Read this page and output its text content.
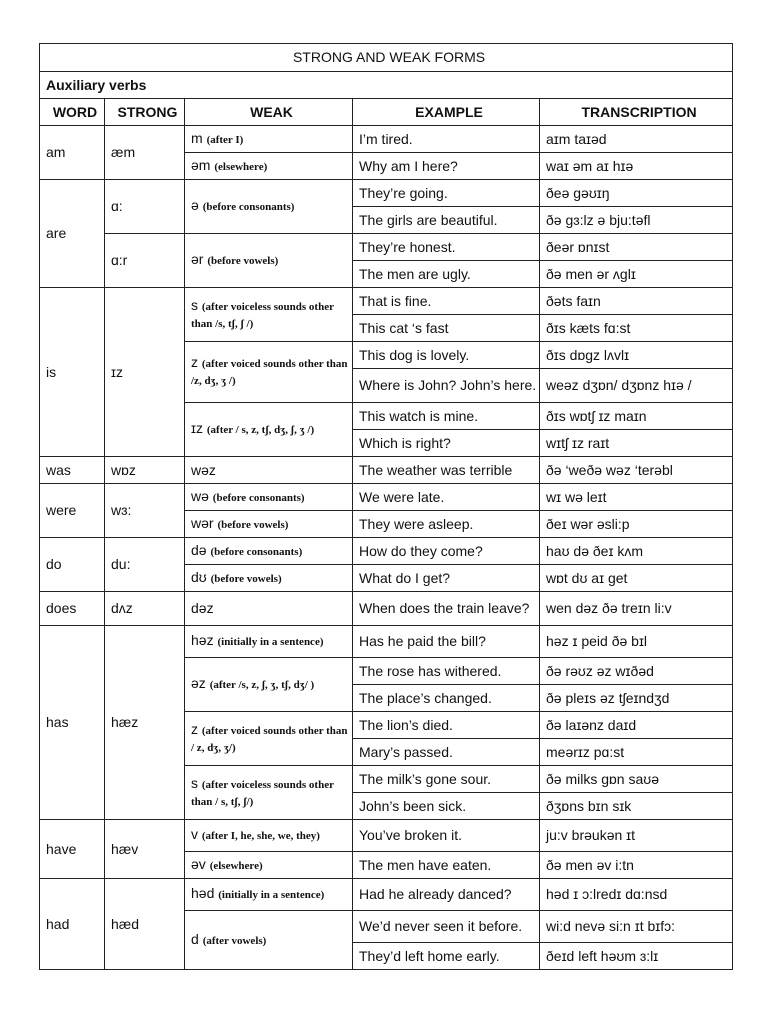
STRONG AND WEAK FORMS				
Auxiliary verbs				
WORD	STRONG	WEAK	EXAMPLE	TRANSCRIPTION
am	æm	m (after I)	I’m tired.	aɪm taɪəd
		əm (elsewhere)	Why am I here?	waɪ əm aɪ hɪə
are	ɑ:	ə (before consonants)	They’re going.	ðeə gəʊɪŋ
			The girls are beautiful.	ðə gɜ:lz ə bju:təfl
	ɑ:r	ər (before vowels)	They’re honest.	ðeər ɒnɪst
			The men are ugly.	ðə men ər ʌglɪ
is	ɪz	s (after voiceless sounds other than /s, tʃ, ʃ /)	That is fine.	ðəts faɪn
			This cat ‘s fast	ðɪs kæts fɑ:st
		z (after voiced sounds other than /z, dʒ, ʒ /)	This dog is lovely.	ðɪs dɒgz lʌvlɪ
			Where is John? John’s here.	weəz dʒɒn/ dʒɒnz hɪə /
		ɪz (after / s, z, tʃ, dʒ, ʃ, ʒ /)	This watch is mine.	ðɪs wɒtʃ ɪz maɪn
			Which is right?	wɪtʃ ɪz raɪt
was	wɒz	wəz	The weather was terrible	ðə ‘weðə wəz ‘terəbl
were	wɜ:	wə (before consonants)	We were late.	wɪ wə leɪt
		wər (before vowels)	They were asleep.	ðeɪ wər əsli:p
do	du:	də (before consonants)	How do they come?	haʊ də ðeɪ kʌm
		dʊ (before vowels)	What do I get?	wɒt dʊ aɪ get
does	dʌz	dəz	When does the train leave?	wen dəz ðə treɪn li:v
has	hæz	həz (initially in a sentence)	Has he paid the bill?	həz ɪ peid ðə bɪl
		əz (after /s, z, ʃ, ʒ, tʃ, dʒ/ )	The rose has withered.	ðə rəʊz əz wɪðəd
			The place’s changed.	ðə pleɪs əz tʃeɪndʒd
		z (after voiced sounds other than / z, dʒ, ʒ/)	The lion’s died.	ðə laɪənz daɪd
			Mary’s passed.	meərɪz pɑ:st
		s (after voiceless sounds other than / s, tʃ, ʃ/)	The milk’s gone sour.	ðə milks gɒn saʊə
			John’s been sick.	ðʒɒns bɪn sɪk
have	hæv	v (after I, he, she, we, they)	You’ve broken it.	ju:v brəukən ɪt
		əv (elsewhere)	The men have eaten.	ðə men əv i:tn
had	hæd	həd (initially in a sentence)	Had he already danced?	həd ɪ ɔ:lredɪ dɑ:nsd
		d (after vowels)	We’d never seen it before.	wi:d nevə si:n ɪt bɪfɔ:
			They’d left home early.	ðeɪd left həʊm ɜ:lɪ
